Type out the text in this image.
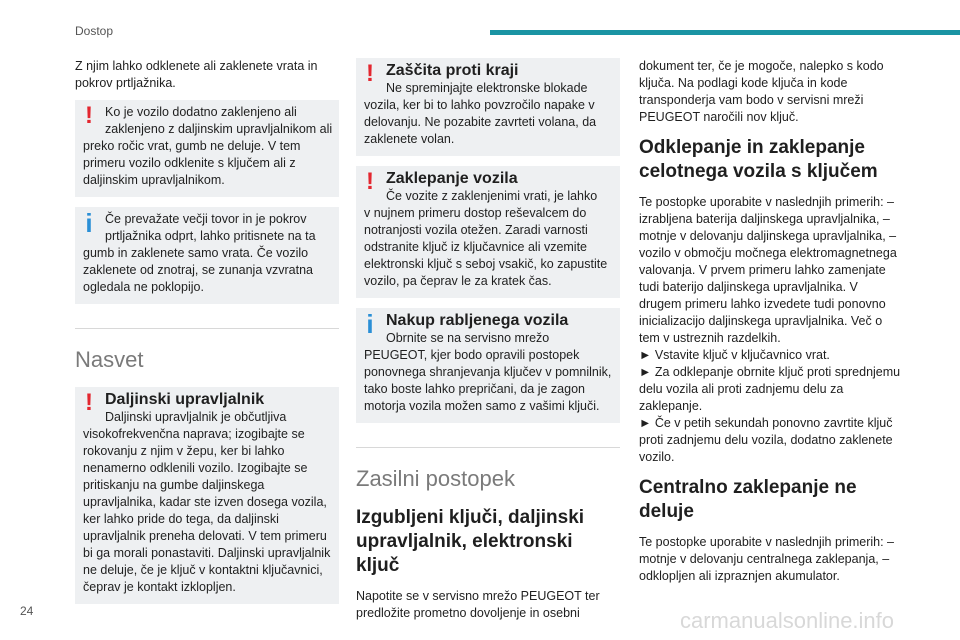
Dostop

Z njim lahko odklenete ali zaklenete vrata in pokrov prtljažnika.

! Ko je vozilo dodatno zaklenjeno ali zaklenjeno z daljinskim upravljalnikom ali

preko ročic vrat, gumb ne deluje. V tem primeru vozilo odklenite s ključem ali z daljinskim upravljalnikom.

i Če prevažate večji tovor in je pokrov prtljažnika odprt, lahko pritisnete na ta

gumb in zaklenete samo vrata. Če vozilo zaklenete od znotraj, se zunanja vzvratna ogledala ne poklopijo.

Nasvet
! Daljinski upravljalnik

Daljinski upravljalnik je občutljiva

visokofrekvenčna naprava; izogibajte se rokovanju z njim v žepu, ker bi lahko nenamerno odklenili vozilo. Izogibajte se pritiskanju na gumbe daljinskega upravljalnika, kadar ste izven dosega vozila, ker lahko pride do tega, da daljinski upravljalnik preneha delovati. V tem primeru bi ga morali ponastaviti. Daljinski upravljalnik ne deluje, če je ključ v kontaktni ključavnici, čeprav je kontakt izklopljen.

! Zaščita proti kraji

Ne spreminjajte elektronske blokade

vozila, ker bi to lahko povzročilo napake v delovanju. Ne pozabite zavrteti volana, da zaklenete volan.

! Zaklepanje vozila

Če vozite z zaklenjenimi vrati, je lahko

v nujnem primeru dostop reševalcem do notranjosti vozila otežen. Zaradi varnosti odstranite ključ iz ključavnice ali vzemite elektronski ključ s seboj vsakič, ko zapustite vozilo, pa čeprav le za kratek čas.

i Nakup rabljenega vozila

Obrnite se na servisno mrežo

PEUGEOT, kjer bodo opravili postopek ponovnega shranjevanja ključev v pomnilnik, tako boste lahko prepričani, da je zagon motorja vozila možen samo z vašimi ključi.

Zasilni postopek
Izgubljeni ključi, daljinski upravljalnik, elektronski ključ

Napotite se v servisno mrežo PEUGEOT ter predložite prometno dovoljenje in osebni

dokument ter, če je mogoče, nalepko s kodo ključa. Na podlagi kode ključa in kode transponderja vam bodo v servisni mreži PEUGEOT naročili nov ključ.

Odklepanje in zaklepanje celotnega vozila s ključem

Te postopke uporabite v naslednjih primerih: – izrabljena baterija daljinskega upravljalnika, – motnje v delovanju daljinskega upravljalnika, – vozilo v območju močnega elektromagnetnega valovanja. V prvem primeru lahko zamenjate tudi baterijo daljinskega upravljalnika. V drugem primeru lahko izvedete tudi ponovno inicializacijo daljinskega upravljalnika. Več o tem v ustreznih razdelkih.

► Vstavite ključ v ključavnico vrat.

► Za odklepanje obrnite ključ proti sprednjemu delu vozila ali proti zadnjemu delu za zaklepanje.

► Če v petih sekundah ponovno zavrtite ključ proti zadnjemu delu vozila, dodatno zaklenete vozilo.

Centralno zaklepanje ne deluje

Te postopke uporabite v naslednjih primerih: – motnje v delovanju centralnega zaklepanja, – odklopljen ali izpraznjen akumulator.

24	carmanualsonline.info
